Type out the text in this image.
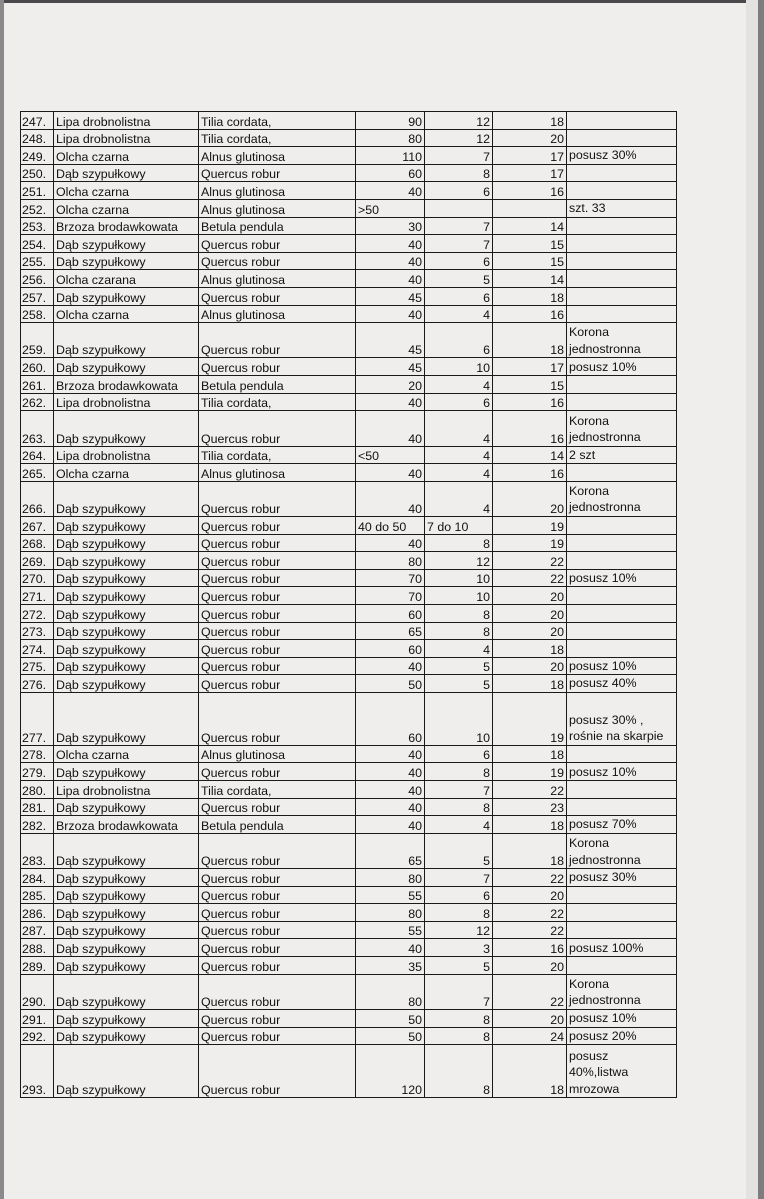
247.	Lipa drobnolistna	Tilia cordata,	90	12	18	
248.	Lipa drobnolistna	Tilia cordata,	80	12	20	
249.	Olcha czarna	Alnus glutinosa	110	7	17	posusz 30%
250.	Dąb szypułkowy	Quercus robur	60	8	17	
251.	Olcha czarna	Alnus glutinosa	40	6	16	
252.	Olcha czarna	Alnus glutinosa	>50			szt. 33
253.	Brzoza brodawkowata	Betula pendula	30	7	14	
254.	Dąb szypułkowy	Quercus robur	40	7	15	
255.	Dąb szypułkowy	Quercus robur	40	6	15	
256.	Olcha czarana	Alnus glutinosa	40	5	14	
257.	Dąb szypułkowy	Quercus robur	45	6	18	
258.	Olcha czarna	Alnus glutinosa	40	4	16	
259.	Dąb szypułkowy	Quercus robur	45	6	18	Korona
jednostronna
260.	Dąb szypułkowy	Quercus robur	45	10	17	posusz 10%
261.	Brzoza brodawkowata	Betula pendula	20	4	15	
262.	Lipa drobnolistna	Tilia cordata,	40	6	16	
263.	Dąb szypułkowy	Quercus robur	40	4	16	Korona
jednostronna
264.	Lipa drobnolistna	Tilia cordata,	<50	4	14	2 szt
265.	Olcha czarna	Alnus glutinosa	40	4	16	
266.	Dąb szypułkowy	Quercus robur	40	4	20	Korona
jednostronna
267.	Dąb szypułkowy	Quercus robur	40 do 50	7 do 10	19	
268.	Dąb szypułkowy	Quercus robur	40	8	19	
269.	Dąb szypułkowy	Quercus robur	80	12	22	
270.	Dąb szypułkowy	Quercus robur	70	10	22	posusz 10%
271.	Dąb szypułkowy	Quercus robur	70	10	20	
272.	Dąb szypułkowy	Quercus robur	60	8	20	
273.	Dąb szypułkowy	Quercus robur	65	8	20	
274.	Dąb szypułkowy	Quercus robur	60	4	18	
275.	Dąb szypułkowy	Quercus robur	40	5	20	posusz 10%
276.	Dąb szypułkowy	Quercus robur	50	5	18	posusz 40%
277.	Dąb szypułkowy	Quercus robur	60	10	19	posusz 30% ,
rośnie na skarpie
278.	Olcha czarna	Alnus glutinosa	40	6	18	
279.	Dąb szypułkowy	Quercus robur	40	8	19	posusz 10%
280.	Lipa drobnolistna	Tilia cordata,	40	7	22	
281.	Dąb szypułkowy	Quercus robur	40	8	23	
282.	Brzoza brodawkowata	Betula pendula	40	4	18	posusz 70%
283.	Dąb szypułkowy	Quercus robur	65	5	18	Korona
jednostronna
284.	Dąb szypułkowy	Quercus robur	80	7	22	posusz 30%
285.	Dąb szypułkowy	Quercus robur	55	6	20	
286.	Dąb szypułkowy	Quercus robur	80	8	22	
287.	Dąb szypułkowy	Quercus robur	55	12	22	
288.	Dąb szypułkowy	Quercus robur	40	3	16	posusz 100%
289.	Dąb szypułkowy	Quercus robur	35	5	20	
290.	Dąb szypułkowy	Quercus robur	80	7	22	Korona
jednostronna
291.	Dąb szypułkowy	Quercus robur	50	8	20	posusz 10%
292.	Dąb szypułkowy	Quercus robur	50	8	24	posusz 20%
293.	Dąb szypułkowy	Quercus robur	120	8	18	posusz
40%,listwa
mrozowa
